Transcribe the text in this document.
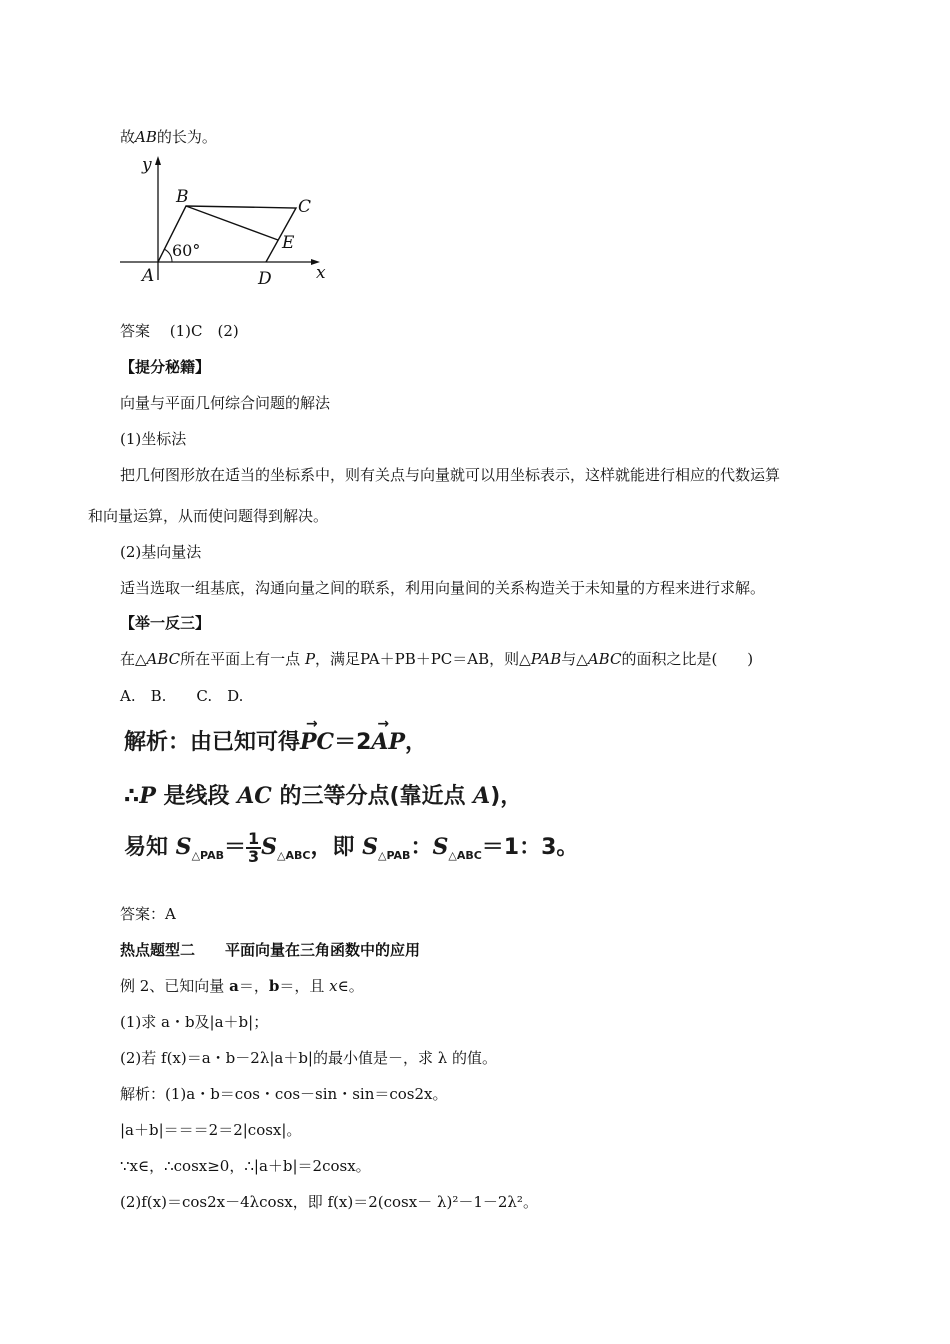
故AB的长为。
y
x
A
B	C
D
E
60°
答案　 (1)C　(2)
【提分秘籍】
向量与平面几何综合问题的解法
(1)坐标法
把几何图形放在适当的坐标系中，则有关点与向量就可以用坐标表示，这样就能进行相应的代数运算
和向量运算，从而使问题得到解决。
(2)基向量法
适当选取一组基底，沟通向量之间的联系，利用向量间的关系构造关于未知量的方程来进行求解。
【举一反三】
在△ABC所在平面上有一点 P，满足PA＋PB＋PC＝AB，则△PAB与△ABC的面积之比是(　　)
A.　B.　　C.　D.
解析：由已知可得
→
PC＝2
→
AP，
∴P 是线段 AC 的三等分点(靠近点 A)，
易知 $S_{\triangle PAB}= \frac{1}{3} S_{\triangle ABC}$，即 $S_{\triangle PAB}$：$S_{\triangle ABC}=1$：3。
答案：A
热点题型二　　平面向量在三角函数中的应用
例 2、已知向量 a＝，b＝，且 x∈。
(1)求 a・b及|a＋b|；
(2)若 f(x)＝a・b－2λ|a＋b|的最小值是－，求 λ 的值。
解析：(1)a・b＝cos・cos－sin・sin＝cos2x。
|a＋b|＝＝＝2＝2|cosx|。
∵x∈，∴cosx≥0，∴|a＋b|＝2cosx。
(2)f(x)＝cos2x－4λcosx，即 f(x)＝2(cosx－ λ)²－1－2λ²。
